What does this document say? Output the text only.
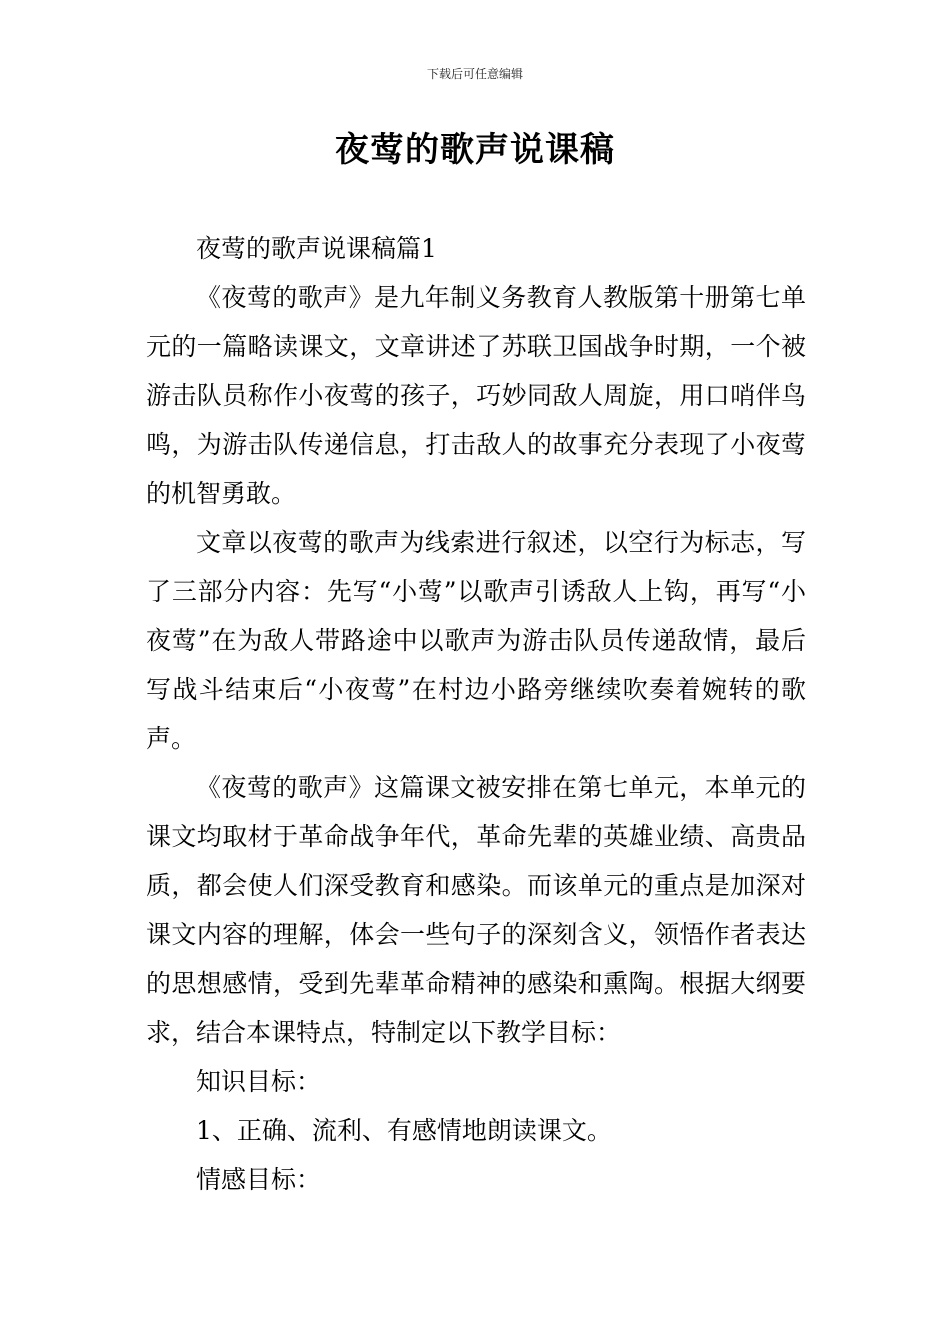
下载后可任意编辑
夜莺的歌声说课稿

夜莺的歌声说课稿篇1

《夜莺的歌声》是九年制义务教育人教版第十册第七单元的一篇略读课文，文章讲述了苏联卫国战争时期，一个被游击队员称作小夜莺的孩子，巧妙同敌人周旋，用口哨伴鸟鸣，为游击队传递信息，打击敌人的故事充分表现了小夜莺的机智勇敢。

文章以夜莺的歌声为线索进行叙述，以空行为标志，写了三部分内容：先写“小莺”以歌声引诱敌人上钩，再写“小夜莺”在为敌人带路途中以歌声为游击队员传递敌情，最后写战斗结束后“小夜莺”在村边小路旁继续吹奏着婉转的歌声。

《夜莺的歌声》这篇课文被安排在第七单元，本单元的课文均取材于革命战争年代，革命先辈的英雄业绩、高贵品质，都会使人们深受教育和感染。而该单元的重点是加深对课文内容的理解，体会一些句子的深刻含义，领悟作者表达的思想感情，受到先辈革命精神的感染和熏陶。根据大纲要求，结合本课特点，特制定以下教学目标：

知识目标：

1、正确、流利、有感情地朗读课文。

情感目标：
